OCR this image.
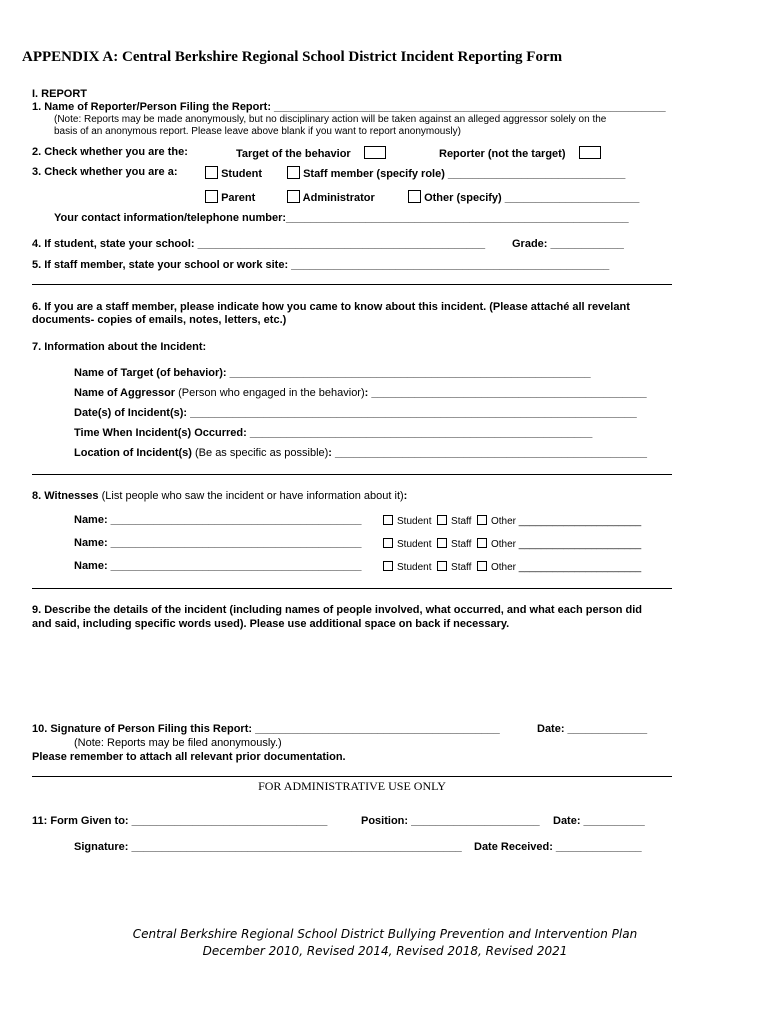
APPENDIX A: Central Berkshire Regional School District Incident Reporting Form
I. REPORT
1. Name of Reporter/Person Filing the Report: ________________________________________________________________
(Note: Reports may be made anonymously, but no disciplinary action will be taken against an alleged aggressor solely on the
basis of an anonymous report. Please leave above blank if you want to report anonymously)
2. Check whether you are the:	Target of the behavior	Reporter (not the target)
3. Check whether you are a:	Student	Staff member (specify role) _____________________________
Parent	Administrator	Other (specify) ______________________
Your contact information/telephone number:________________________________________________________
4. If student, state your school: _______________________________________________ Grade: ____________
5. If staff member, state your school or work site: ____________________________________________________
6. If you are a staff member, please indicate how you came to know about this incident. (Please attaché all revelant
documents- copies of emails, notes, letters, etc.)
7. Information about the Incident:
Name of Target (of behavior): ___________________________________________________________
Name of Aggressor (Person who engaged in the behavior): _____________________________________________
Date(s) of Incident(s): _________________________________________________________________________
Time When Incident(s) Occurred: ________________________________________________________
Location of Incident(s) (Be as specific as possible): ___________________________________________________
8. Witnesses (List people who saw the incident or have information about it):
Name: _________________________________________	Student Staff Other ______________________
Name: _________________________________________	Student Staff Other ______________________
Name: _________________________________________	Student Staff Other ______________________
9. Describe the details of the incident (including names of people involved, what occurred, and what each person did
and said, including specific words used). Please use additional space on back if necessary.
10. Signature of Person Filing this Report: ________________________________________	Date: _____________
(Note: Reports may be filed anonymously.)
Please remember to attach all relevant prior documentation.
FOR ADMINISTRATIVE USE ONLY
11: Form Given to: ________________________________	Position: _____________________ Date: __________
Signature: ______________________________________________________ Date Received: ______________
Central Berkshire Regional School District Bullying Prevention and Intervention Plan
December 2010, Revised 2014, Revised 2018, Revised 2021
